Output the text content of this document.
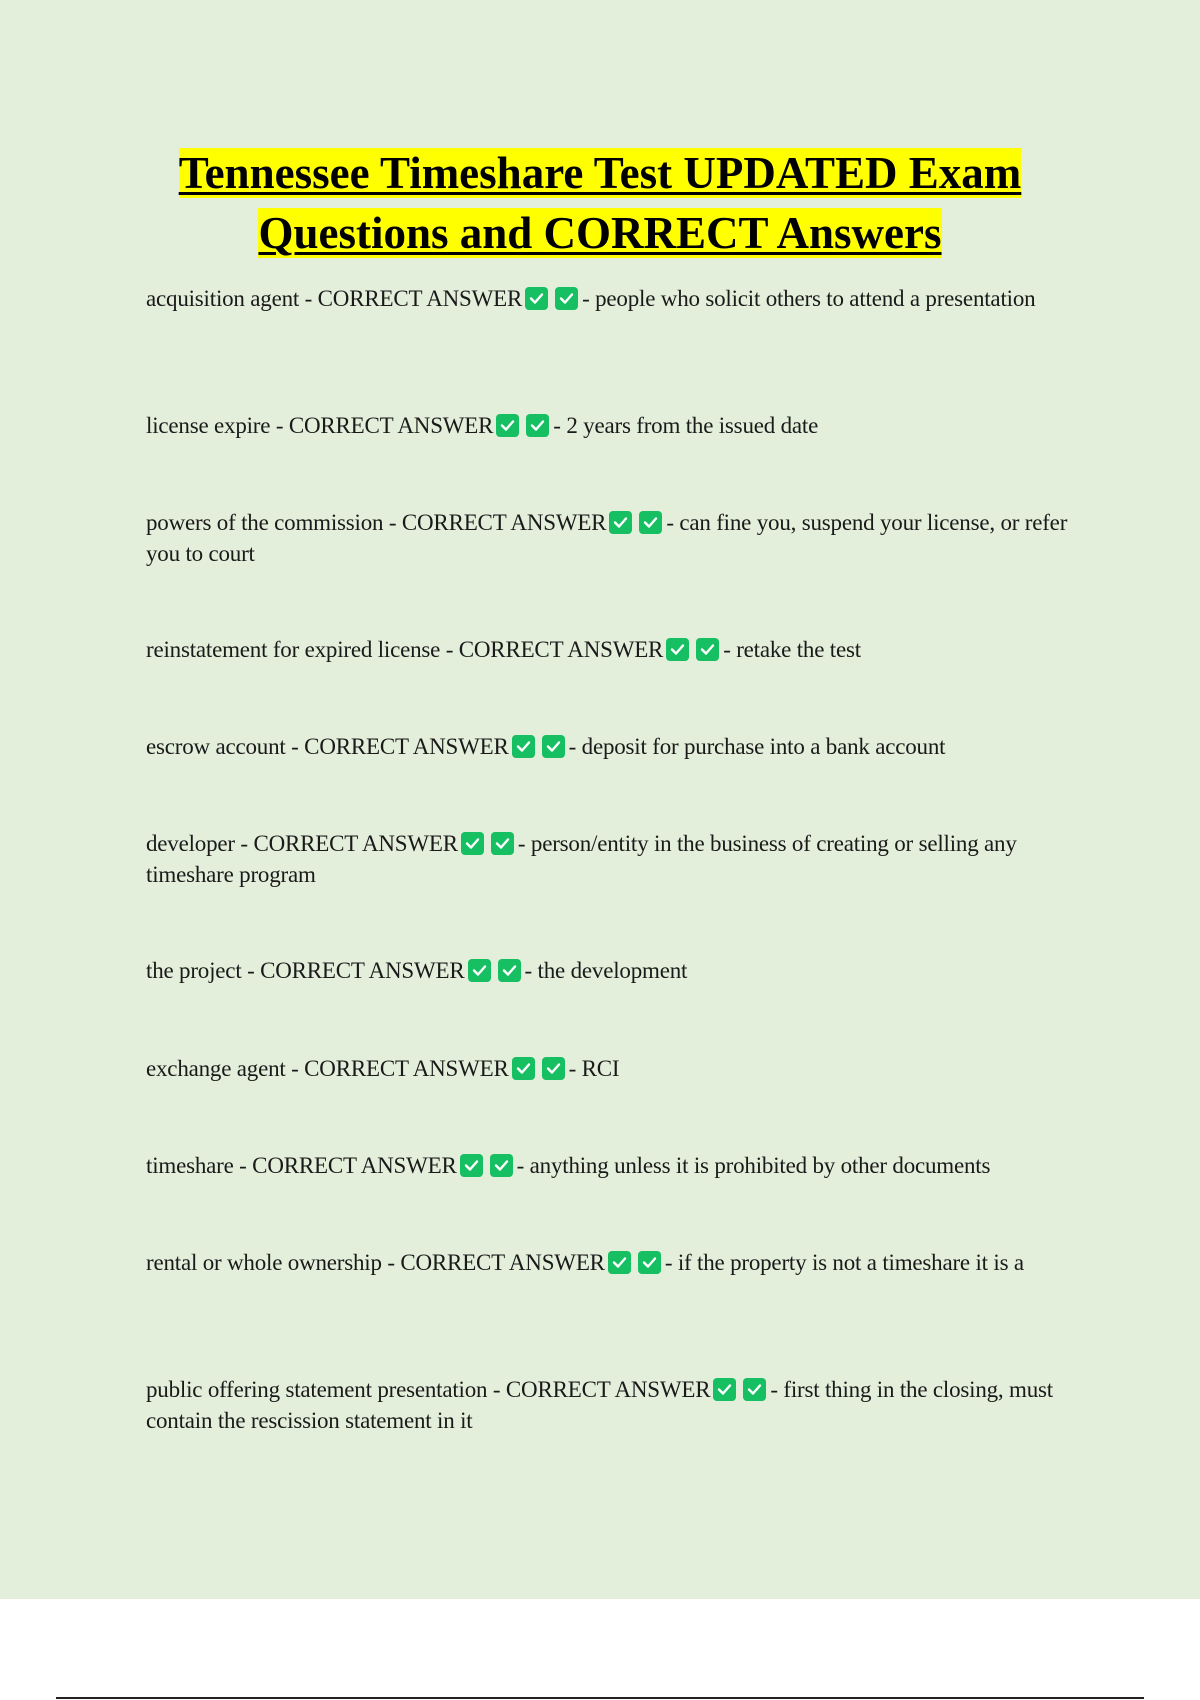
Tennessee Timeshare Test UPDATED Exam
Questions and CORRECT Answers
acquisition agent - CORRECT ANSWER	- people who solicit others to attend a presentation
license expire - CORRECT ANSWER	- 2 years from the issued date
powers of the commission - CORRECT ANSWER	- can fine you, suspend your license, or refer you to court
reinstatement for expired license - CORRECT ANSWER	- retake the test
escrow account - CORRECT ANSWER	- deposit for purchase into a bank account
developer - CORRECT ANSWER	- person/entity in the business of creating or selling any timeshare program
the project - CORRECT ANSWER	- the development
exchange agent - CORRECT ANSWER	- RCI
timeshare - CORRECT ANSWER	- anything unless it is prohibited by other documents
rental or whole ownership - CORRECT ANSWER	- if the property is not a timeshare it is a
public offering statement presentation - CORRECT ANSWER	- first thing in the closing, must contain the rescission statement in it
